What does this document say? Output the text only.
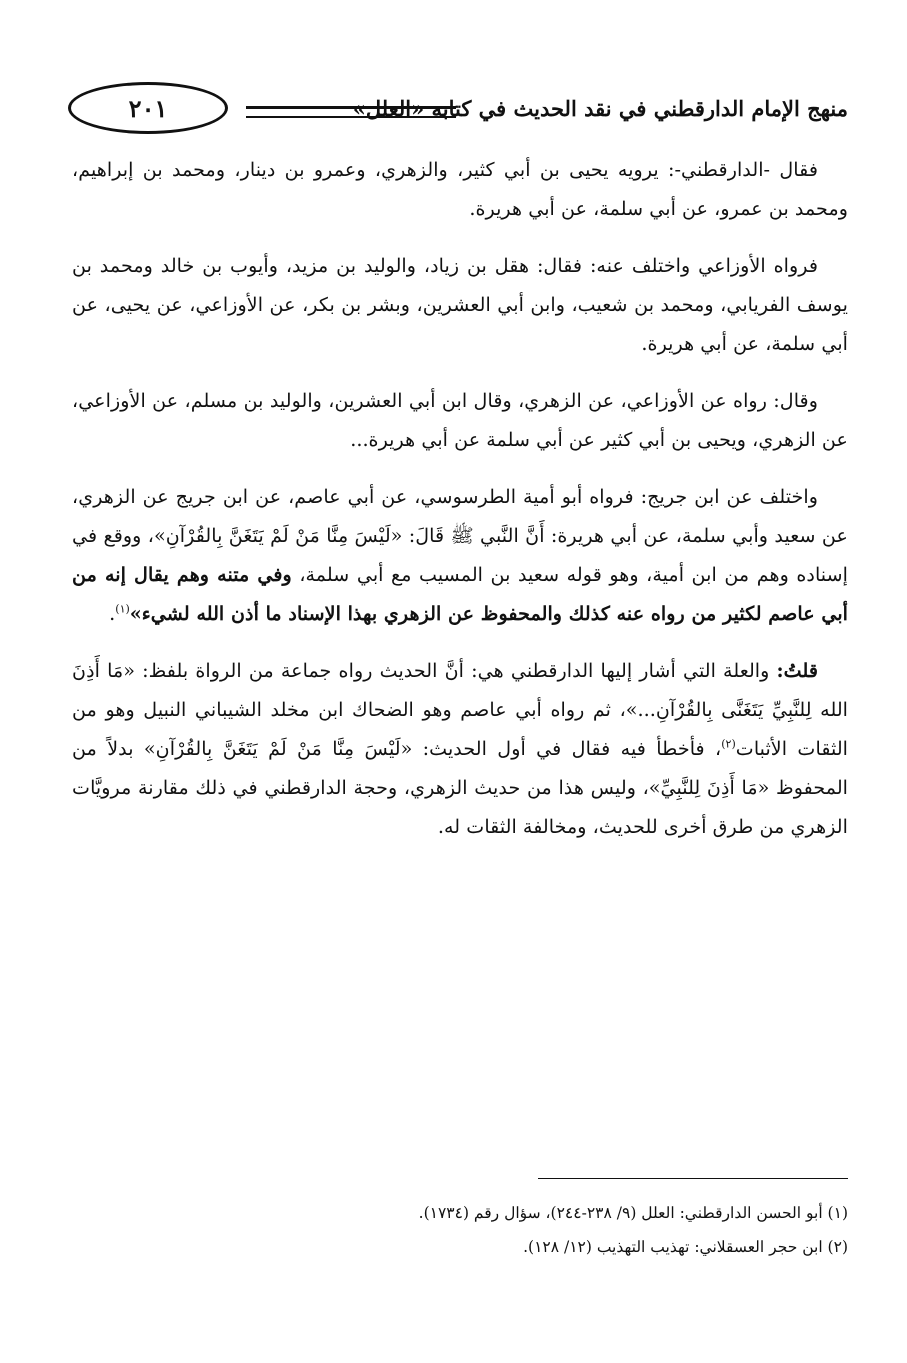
منهج الإمام الدارقطني في نقد الحديث في كتابه «العلل»
٢٠١

فقال -الدارقطني-: يرويه يحيى بن أبي كثير، والزهري، وعمرو بن دينار، ومحمد بن إبراهيم، ومحمد بن عمرو، عن أبي سلمة، عن أبي هريرة.

فرواه الأوزاعي واختلف عنه: فقال: هقل بن زياد، والوليد بن مزيد، وأيوب بن خالد ومحمد بن يوسف الفريابي، ومحمد بن شعيب، وابن أبي العشرين، وبشر بن بكر، عن الأوزاعي، عن يحيى، عن أبي سلمة، عن أبي هريرة.

وقال: رواه عن الأوزاعي، عن الزهري، وقال ابن أبي العشرين، والوليد بن مسلم، عن الأوزاعي، عن الزهري، ويحيى بن أبي كثير عن أبي سلمة عن أبي هريرة...

واختلف عن ابن جريج: فرواه أبو أمية الطرسوسي، عن أبي عاصم، عن ابن جريج عن الزهري، عن سعيد وأبي سلمة، عن أبي هريرة: أَنَّ النَّبي ﷺ قَالَ: «لَيْسَ مِنَّا مَنْ لَمْ يَتَغَنَّ بِالقُرْآنِ»، ووقع في إسناده وهم من ابن أمية، وهو قوله سعيد بن المسيب مع أبي سلمة، وفي متنه وهم يقال إنه من أبي عاصم لكثير من رواه عنه كذلك والمحفوظ عن الزهري بهذا الإسناد ما أذن الله لشيء»$^{(١)}$.

قلتُ: والعلة التي أشار إليها الدارقطني هي: أنَّ الحديث رواه جماعة من الرواة بلفظ: «مَا أَذِنَ الله لِلنَّبِيِّ يَتَغَنَّى بِالقُرْآنِ...»، ثم رواه أبي عاصم وهو الضحاك ابن مخلد الشيباني النبيل وهو من الثقات الأثبات$^{(٢)}$، فأخطأ فيه فقال في أول الحديث: «لَيْسَ مِنَّا مَنْ لَمْ يَتَغَنَّ بِالقُرْآنِ» بدلاً من المحفوظ «مَا أَذِنَ لِلنَّبِيِّ»، وليس هذا من حديث الزهري، وحجة الدارقطني في ذلك مقارنة مرويَّات الزهري من طرق أخرى للحديث، ومخالفة الثقات له.

(١) أبو الحسن الدارقطني: العلل (٩/ ٢٣٨-٢٤٤)، سؤال رقم (١٧٣٤).
(٢) ابن حجر العسقلاني: تهذيب التهذيب (١٢/ ١٢٨).
